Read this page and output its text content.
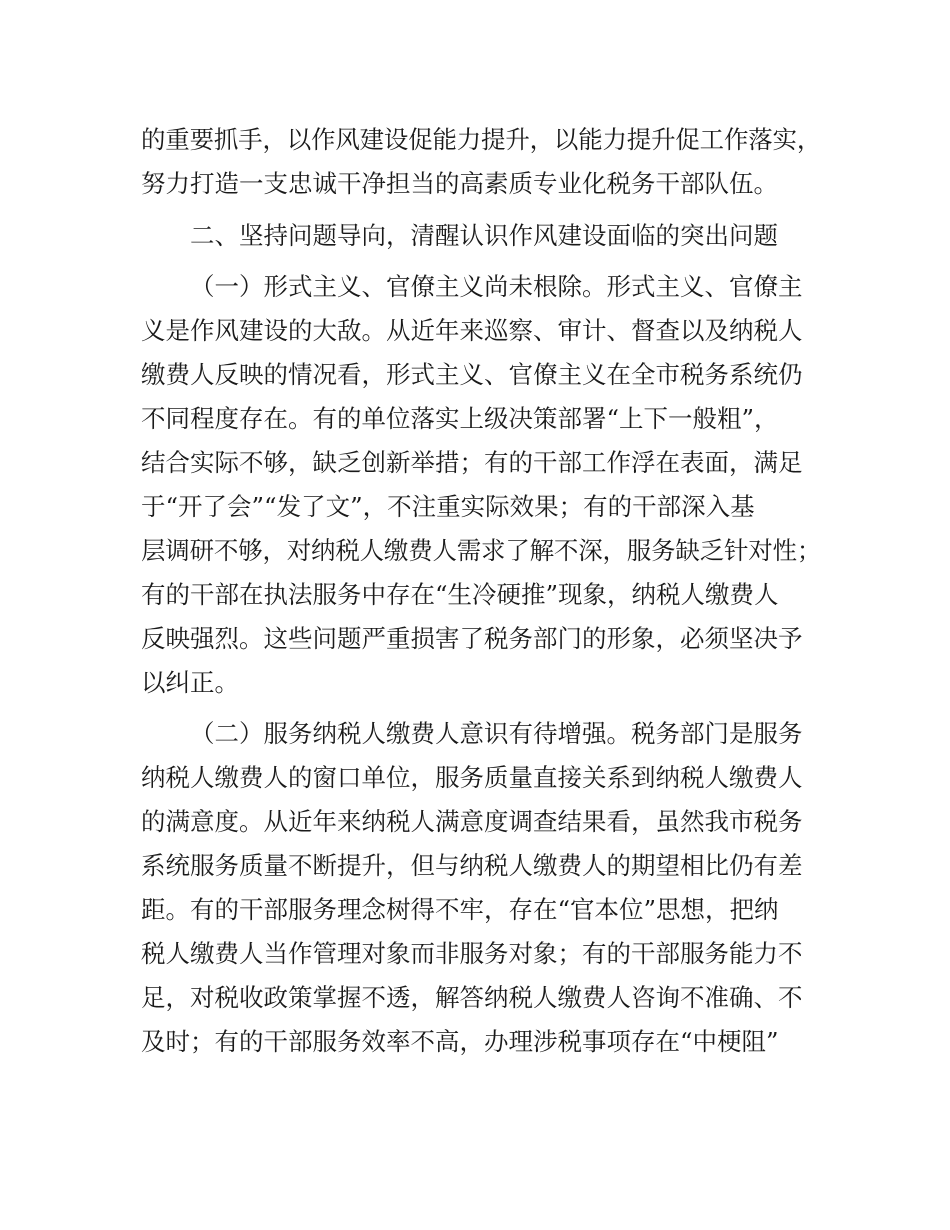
的重要抓手，以作风建设促能力提升，以能力提升促工作落实，
努力打造一支忠诚干净担当的高素质专业化税务干部队伍。
二、坚持问题导向，清醒认识作风建设面临的突出问题
（一）形式主义、官僚主义尚未根除。形式主义、官僚主
义是作风建设的大敌。从近年来巡察、审计、督查以及纳税人
缴费人反映的情况看，形式主义、官僚主义在全市税务系统仍
不同程度存在。有的单位落实上级决策部署“上下一般粗”，
结合实际不够，缺乏创新举措；有的干部工作浮在表面，满足
于“开了会”“发了文”，不注重实际效果；有的干部深入基
层调研不够，对纳税人缴费人需求了解不深，服务缺乏针对性；
有的干部在执法服务中存在“生冷硬推”现象，纳税人缴费人
反映强烈。这些问题严重损害了税务部门的形象，必须坚决予
以纠正。
（二）服务纳税人缴费人意识有待增强。税务部门是服务
纳税人缴费人的窗口单位，服务质量直接关系到纳税人缴费人
的满意度。从近年来纳税人满意度调查结果看，虽然我市税务
系统服务质量不断提升，但与纳税人缴费人的期望相比仍有差
距。有的干部服务理念树得不牢，存在“官本位”思想，把纳
税人缴费人当作管理对象而非服务对象；有的干部服务能力不
足，对税收政策掌握不透，解答纳税人缴费人咨询不准确、不
及时；有的干部服务效率不高，办理涉税事项存在“中梗阻”
